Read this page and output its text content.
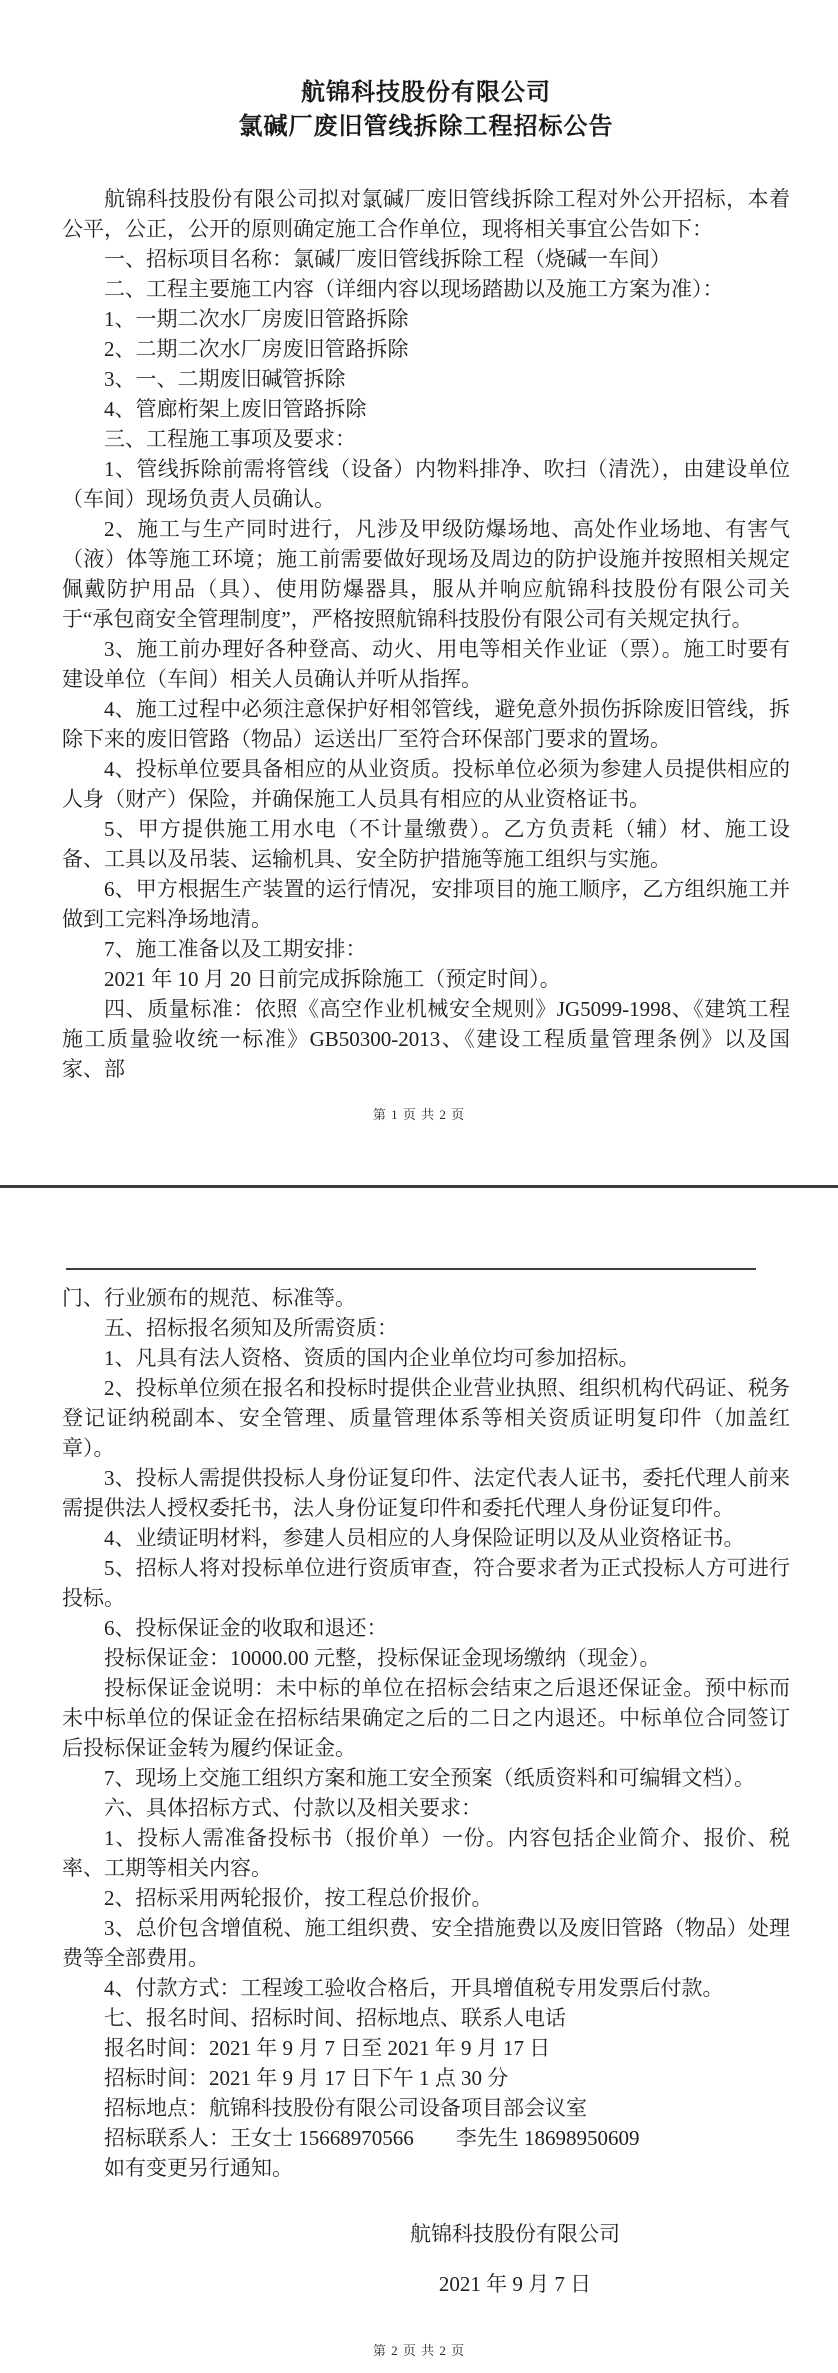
航锦科技股份有限公司
氯碱厂废旧管线拆除工程招标公告

航锦科技股份有限公司拟对氯碱厂废旧管线拆除工程对外公开招标，本着公平，公正，公开的原则确定施工合作单位，现将相关事宜公告如下：

一、招标项目名称：氯碱厂废旧管线拆除工程（烧碱一车间）

二、工程主要施工内容（详细内容以现场踏勘以及施工方案为准）：

1、一期二次水厂房废旧管路拆除

2、二期二次水厂房废旧管路拆除

3、一、二期废旧碱管拆除

4、管廊桁架上废旧管路拆除

三、工程施工事项及要求：

1、管线拆除前需将管线（设备）内物料排净、吹扫（清洗），由建设单位（车间）现场负责人员确认。

2、施工与生产同时进行，凡涉及甲级防爆场地、高处作业场地、有害气（液）体等施工环境；施工前需要做好现场及周边的防护设施并按照相关规定佩戴防护用品（具）、使用防爆器具，服从并响应航锦科技股份有限公司关于“承包商安全管理制度”，严格按照航锦科技股份有限公司有关规定执行。

3、施工前办理好各种登高、动火、用电等相关作业证（票）。施工时要有建设单位（车间）相关人员确认并听从指挥。

4、施工过程中必须注意保护好相邻管线，避免意外损伤拆除废旧管线，拆除下来的废旧管路（物品）运送出厂至符合环保部门要求的置场。

4、投标单位要具备相应的从业资质。投标单位必须为参建人员提供相应的人身（财产）保险，并确保施工人员具有相应的从业资格证书。

5、甲方提供施工用水电（不计量缴费）。乙方负责耗（辅）材、施工设备、工具以及吊装、运输机具、安全防护措施等施工组织与实施。

6、甲方根据生产装置的运行情况，安排项目的施工顺序，乙方组织施工并做到工完料净场地清。

7、施工准备以及工期安排：

2021 年 10 月 20 日前完成拆除施工（预定时间）。

四、质量标准：依照《高空作业机械安全规则》JG5099-1998、《建筑工程施工质量验收统一标准》GB50300-2013、《建设工程质量管理条例》以及国家、部

第 1 页 共 2 页

门、行业颁布的规范、标准等。

五、招标报名须知及所需资质：

1、凡具有法人资格、资质的国内企业单位均可参加招标。

2、投标单位须在报名和投标时提供企业营业执照、组织机构代码证、税务登记证纳税副本、安全管理、质量管理体系等相关资质证明复印件（加盖红章）。

3、投标人需提供投标人身份证复印件、法定代表人证书，委托代理人前来需提供法人授权委托书，法人身份证复印件和委托代理人身份证复印件。

4、业绩证明材料，参建人员相应的人身保险证明以及从业资格证书。

5、招标人将对投标单位进行资质审查，符合要求者为正式投标人方可进行投标。

6、投标保证金的收取和退还：

投标保证金：10000.00 元整，投标保证金现场缴纳（现金）。

投标保证金说明：未中标的单位在招标会结束之后退还保证金。预中标而未中标单位的保证金在招标结果确定之后的二日之内退还。中标单位合同签订后投标保证金转为履约保证金。

7、现场上交施工组织方案和施工安全预案（纸质资料和可编辑文档）。

六、具体招标方式、付款以及相关要求：

1、投标人需准备投标书（报价单）一份。内容包括企业简介、报价、税率、工期等相关内容。

2、招标采用两轮报价，按工程总价报价。

3、总价包含增值税、施工组织费、安全措施费以及废旧管路（物品）处理费等全部费用。

4、付款方式：工程竣工验收合格后，开具增值税专用发票后付款。

七、报名时间、招标时间、招标地点、联系人电话

报名时间：2021 年 9 月 7 日至 2021 年 9 月 17 日

招标时间：2021 年 9 月 17 日下午 1 点 30 分

招标地点：航锦科技股份有限公司设备项目部会议室

招标联系人：王女士 15668970566　　李先生 18698950609

如有变更另行通知。

航锦科技股份有限公司
2021 年 9 月 7 日
第 2 页 共 2 页
